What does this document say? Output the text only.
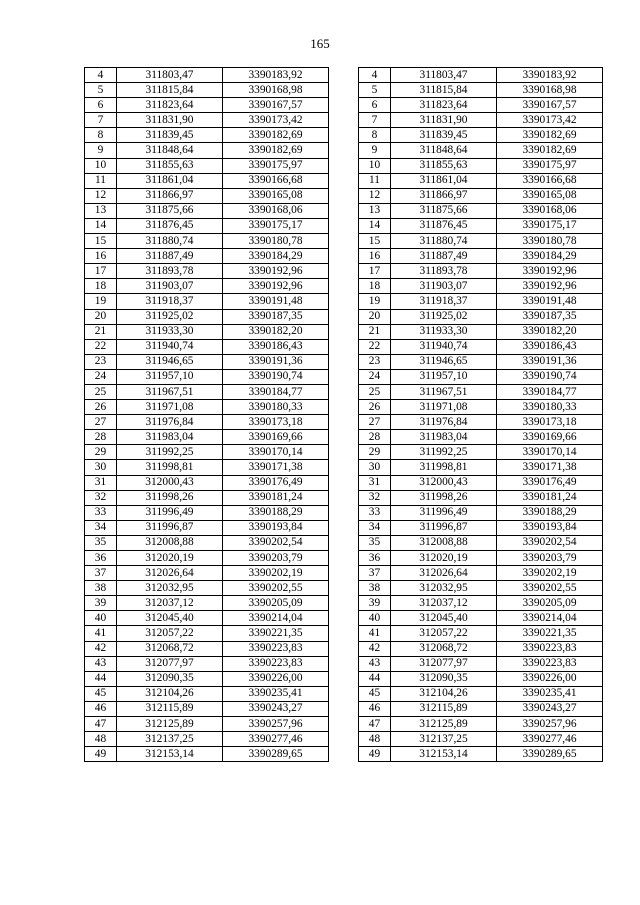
165
4	311803,47	3390183,92
5	311815,84	3390168,98
6	311823,64	3390167,57
7	311831,90	3390173,42
8	311839,45	3390182,69
9	311848,64	3390182,69
10	311855,63	3390175,97
11	311861,04	3390166,68
12	311866,97	3390165,08
13	311875,66	3390168,06
14	311876,45	3390175,17
15	311880,74	3390180,78
16	311887,49	3390184,29
17	311893,78	3390192,96
18	311903,07	3390192,96
19	311918,37	3390191,48
20	311925,02	3390187,35
21	311933,30	3390182,20
22	311940,74	3390186,43
23	311946,65	3390191,36
24	311957,10	3390190,74
25	311967,51	3390184,77
26	311971,08	3390180,33
27	311976,84	3390173,18
28	311983,04	3390169,66
29	311992,25	3390170,14
30	311998,81	3390171,38
31	312000,43	3390176,49
32	311998,26	3390181,24
33	311996,49	3390188,29
34	311996,87	3390193,84
35	312008,88	3390202,54
36	312020,19	3390203,79
37	312026,64	3390202,19
38	312032,95	3390202,55
39	312037,12	3390205,09
40	312045,40	3390214,04
41	312057,22	3390221,35
42	312068,72	3390223,83
43	312077,97	3390223,83
44	312090,35	3390226,00
45	312104,26	3390235,41
46	312115,89	3390243,27
47	312125,89	3390257,96
48	312137,25	3390277,46
49	312153,14	3390289,65
4	311803,47	3390183,92
5	311815,84	3390168,98
6	311823,64	3390167,57
7	311831,90	3390173,42
8	311839,45	3390182,69
9	311848,64	3390182,69
10	311855,63	3390175,97
11	311861,04	3390166,68
12	311866,97	3390165,08
13	311875,66	3390168,06
14	311876,45	3390175,17
15	311880,74	3390180,78
16	311887,49	3390184,29
17	311893,78	3390192,96
18	311903,07	3390192,96
19	311918,37	3390191,48
20	311925,02	3390187,35
21	311933,30	3390182,20
22	311940,74	3390186,43
23	311946,65	3390191,36
24	311957,10	3390190,74
25	311967,51	3390184,77
26	311971,08	3390180,33
27	311976,84	3390173,18
28	311983,04	3390169,66
29	311992,25	3390170,14
30	311998,81	3390171,38
31	312000,43	3390176,49
32	311998,26	3390181,24
33	311996,49	3390188,29
34	311996,87	3390193,84
35	312008,88	3390202,54
36	312020,19	3390203,79
37	312026,64	3390202,19
38	312032,95	3390202,55
39	312037,12	3390205,09
40	312045,40	3390214,04
41	312057,22	3390221,35
42	312068,72	3390223,83
43	312077,97	3390223,83
44	312090,35	3390226,00
45	312104,26	3390235,41
46	312115,89	3390243,27
47	312125,89	3390257,96
48	312137,25	3390277,46
49	312153,14	3390289,65
